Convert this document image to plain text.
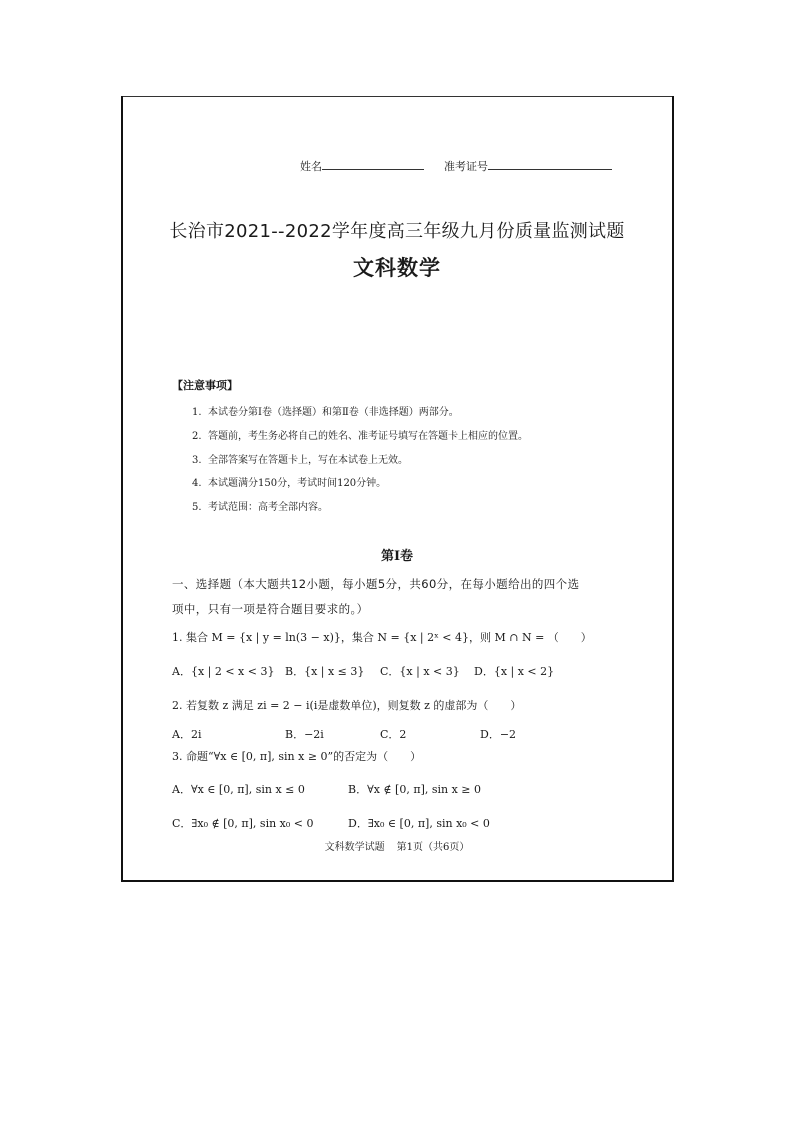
姓名	准考证号
长治市2021--2022学年度高三年级九月份质量监测试题
文科数学
【注意事项】
1. 本试卷分第Ⅰ卷（选择题）和第Ⅱ卷（非选择题）两部分。
2. 答题前，考生务必将自己的姓名、准考证号填写在答题卡上相应的位置。
3. 全部答案写在答题卡上，写在本试卷上无效。
4. 本试题满分150分，考试时间120分钟。
5. 考试范围：高考全部内容。
第Ⅰ卷
一、选择题（本大题共12小题，每小题5分，共60分，在每小题给出的四个选
项中，只有一项是符合题目要求的。）
1. 集合 M = {x | y = ln(3 − x)}，集合 N = {x | 2ˣ < 4}，则 M ∩ N = （　　）
A．{x | 2 < x < 3} B．{x | x ≤ 3} C．{x | x < 3} D．{x | x < 2}
2. 若复数 z 满足 zi = 2 − i(i是虚数单位)，则复数 z 的虚部为（　　）
A．2i	B．−2i	C．2	D．−2
3. 命题“∀x ∈ [0, π], sin x ≥ 0”的否定为（　　）
A．∀x ∈ [0, π], sin x ≤ 0	B．∀x ∉ [0, π], sin x ≥ 0
C．∃x₀ ∉ [0, π], sin x₀ < 0	D．∃x₀ ∈ [0, π], sin x₀ < 0
文科数学试题 第1页（共6页）
